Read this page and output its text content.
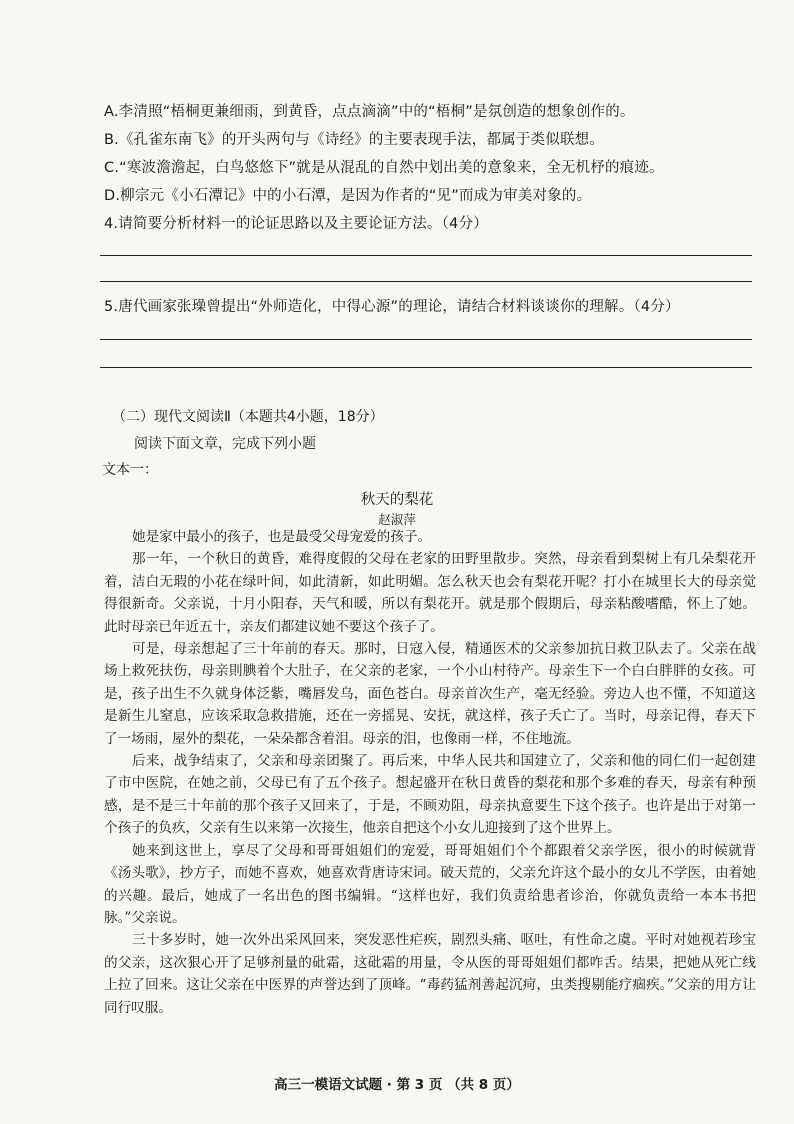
A.李清照“梧桐更兼细雨，到黄昏，点点滴滴”中的“梧桐”是氛创造的想象创作的。
B.《孔雀东南飞》的开头两句与《诗经》的主要表现手法，都属于类似联想。
C.“寒波澹澹起，白鸟悠悠下”就是从混乱的自然中划出美的意象来，全无机杼的痕迹。
D.柳宗元《小石潭记》中的小石潭，是因为作者的“见”而成为审美对象的。
4.请简要分析材料一的论证思路以及主要论证方法。（4分）
5.唐代画家张璪曾提出“外师造化，中得心源”的理论，请结合材料谈谈你的理解。（4分）
（二）现代文阅读Ⅱ（本题共4小题，18分）
阅读下面文章，完成下列小题
文本一：
秋天的梨花
赵淑萍

她是家中最小的孩子，也是最受父母宠爱的孩子。

那一年，一个秋日的黄昏，难得度假的父母在老家的田野里散步。突然，母亲看到梨树上有几朵梨花开着，洁白无瑕的小花在绿叶间，如此清新，如此明媚。怎么秋天也会有梨花开呢？打小在城里长大的母亲觉得很新奇。父亲说，十月小阳春，天气和暖，所以有梨花开。就是那个假期后，母亲粘酸嗜酷，怀上了她。此时母亲已年近五十，亲友们都建议她不要这个孩子了。

可是，母亲想起了三十年前的春天。那时，日寇入侵，精通医术的父亲参加抗日救卫队去了。父亲在战场上救死扶伤，母亲則腆着个大肚子，在父亲的老家，一个小山村待产。母亲生下一个白白胖胖的女孩。可是，孩子出生不久就身体泛紫，嘴唇发乌，面色苍白。母亲首次生产，毫无经验。旁边人也不懂，不知道这是新生儿窒息，应该采取急救措施，还在一旁摇晃、安抚，就这样，孩子夭亡了。当时，母亲记得，春天下了一场雨，屋外的梨花，一朵朵都含着泪。母亲的泪，也像雨一样，不住地流。

后来，战争结束了，父亲和母亲团聚了。再后来，中华人民共和国建立了，父亲和他的同仁们一起创建了市中医院，在她之前，父母已有了五个孩子。想起盛开在秋日黄昏的梨花和那个多难的春天，母亲有种预感，是不是三十年前的那个孩子又回来了，于是，不顾劝阻，母亲执意要生下这个孩子。也许是出于对第一个孩子的负疚，父亲有生以来第一次接生，他亲自把这个小女儿迎接到了这个世界上。

她来到这世上，享尽了父母和哥哥姐姐们的宠爱，哥哥姐姐们个个都跟着父亲学医，很小的时候就背《汤头歌》，抄方子，而她不喜欢，她喜欢背唐诗宋词。破天荒的，父亲允许这个最小的女儿不学医，由着她的兴趣。最后，她成了一名出色的图书编辑。“这样也好，我们负责给患者诊治，你就负责给一本本书把脉。”父亲说。

三十多岁时，她一次外出采风回来，突发恶性疟疾，剧烈头痛、呕吐，有性命之虞。平时对她视若珍宝的父亲，这次狠心开了足够剂量的砒霜，这砒霜的用量，令从医的哥哥姐姐们都咋舌。结果，把她从死亡线上拉了回来。这让父亲在中医界的声誉达到了顶峰。“毒药猛剂善起沉疴，虫类搜剔能疗痼疾。”父亲的用方让同行叹服。

高三一模语文试题 · 第 3 页 （共 8 页）
